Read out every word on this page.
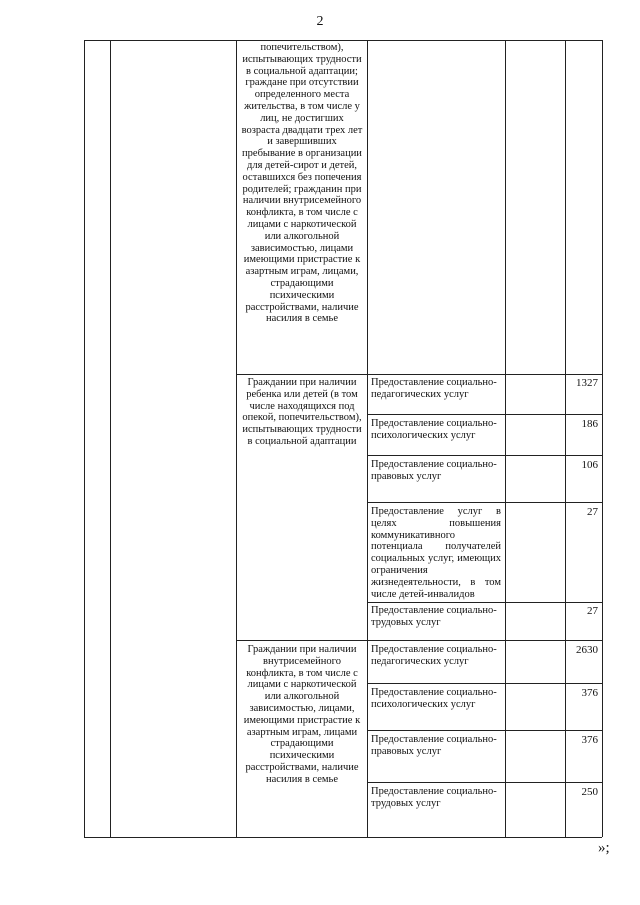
2
попечительством), испытывающих трудности в социальной адаптации; граждане при отсутствии определенного места жительства, в том числе у лиц, не достигших возраста двадцати трех лет и завершивших пребывание в организации для детей-сирот и детей, оставшихся без попечения родителей; гражданин при наличии внутрисемейного конфликта, в том числе с лицами с наркотической или алкогольной зависимостью, лицами имеющими пристрастие к азартным играм, лицами, страдающими психическими расстройствами, наличие насилия в семье
Граждании при наличии ребенка или детей (в том числе находящихся под опекой, попечительством), испытывающих трудности в социальной адаптации
Предоставление социально-педагогических услуг
1327
Предоставление социально-психологических услуг
186
Предоставление социально-правовых услуг
106
Предоставление услуг в целях повышения коммуникативного потенциала получателей социальных услуг, имеющих ограничения жизнедеятельности, в том числе детей-инвалидов
27
Предоставление социально-трудовых услуг
27
Граждании при наличии внутрисемейного конфликта, в том числе с лицами с наркотической или алкогольной зависимостью, лицами, имеющими пристрастие к азартным играм, лицами страдающими психическими расстройствами, наличие насилия в семье
Предоставление социально-педагогических услуг
2630
Предоставление социально-психологических услуг
376
Предоставление социально-правовых услуг
376
Предоставление социально-трудовых услуг
250
»;
